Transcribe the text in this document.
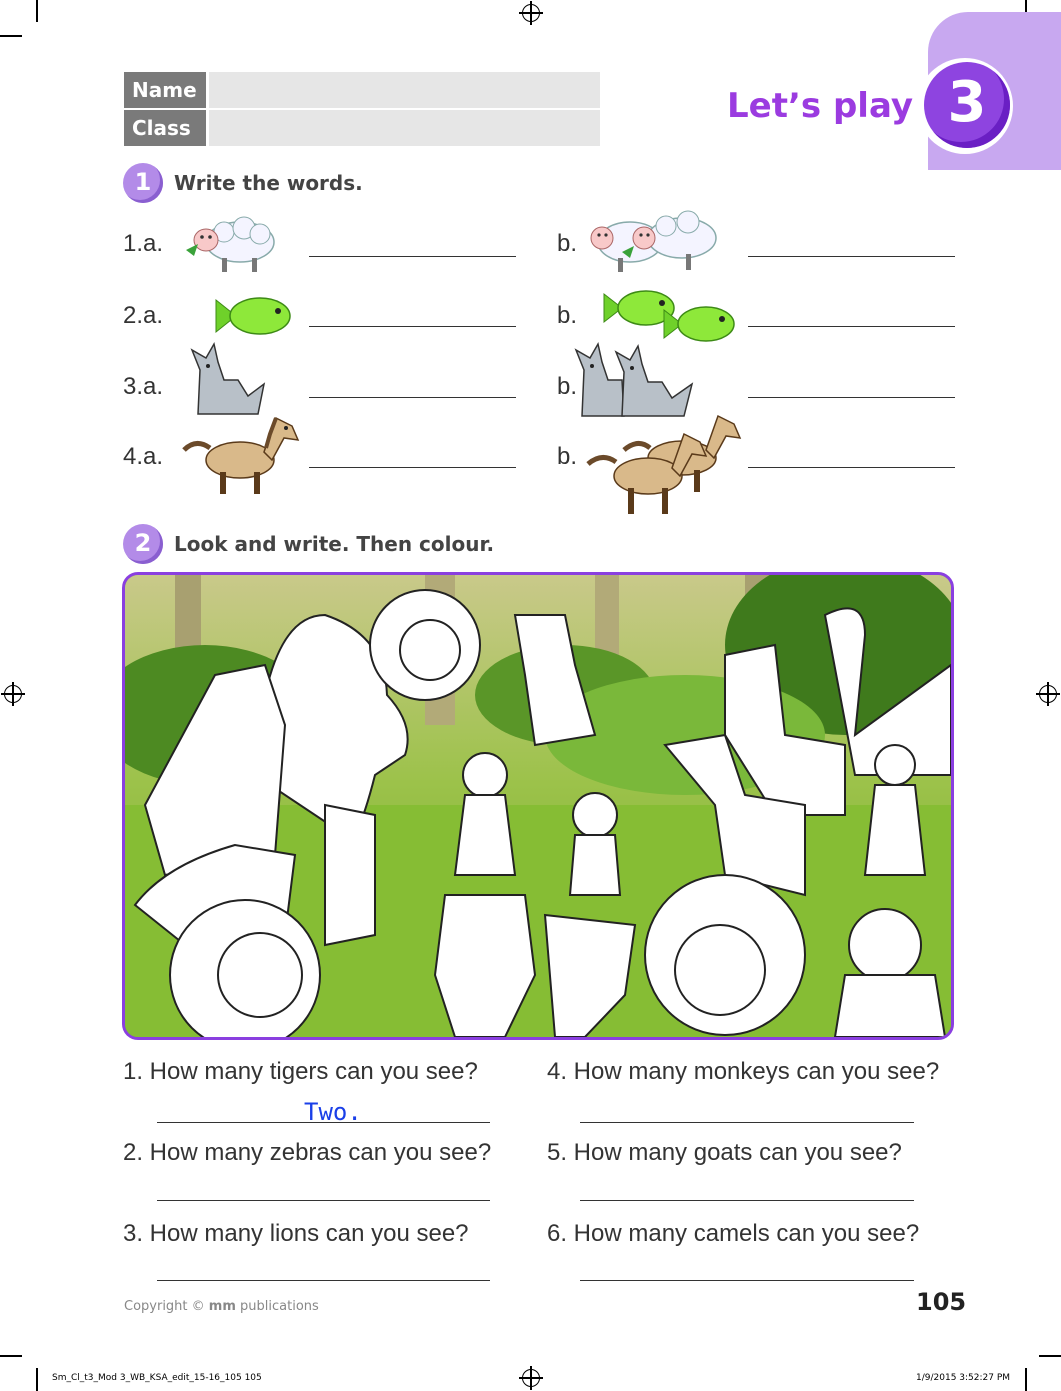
3
Let’s play
Name
Class
1	Write the words.
1.a.	b.
2.a.	b.
3.a.	b.
4.a.	b.
2	Look and write. Then colour.
1. How many tigers can you see?
Two.
2. How many zebras can you see?
3. How many lions can you see?
4. How many monkeys can you see?
5. How many goats can you see?
6. How many camels can you see?
Copyright © mm publications	105
Sm_Cl_t3_Mod 3_WB_KSA_edit_15-16_105 105	1/9/2015 3:52:27 PM
